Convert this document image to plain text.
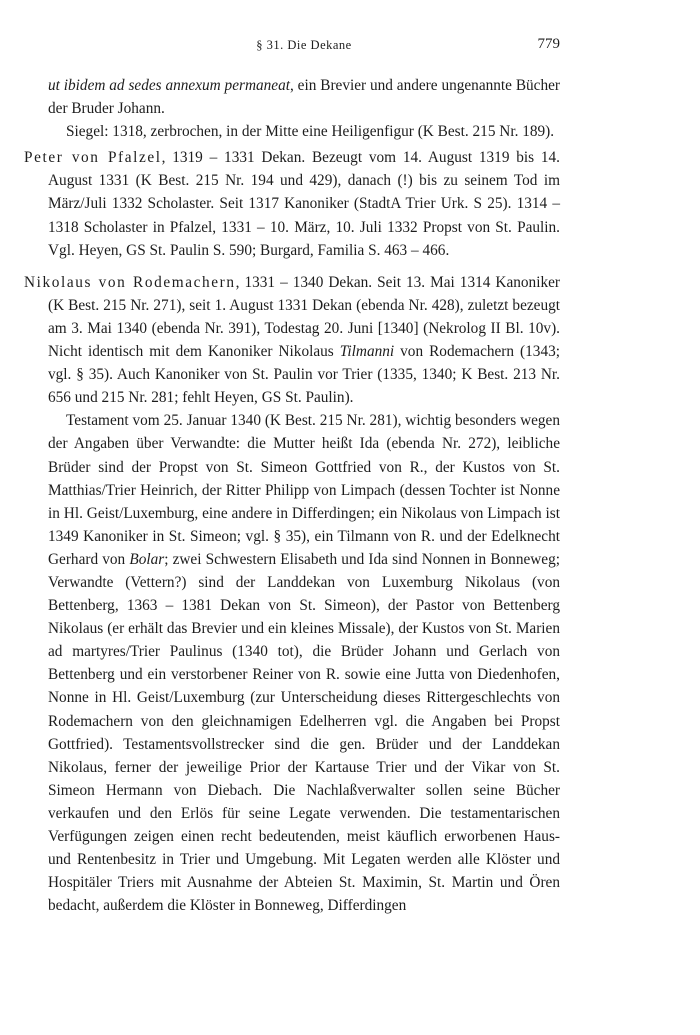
§ 31. Die Dekane	779

ut ibidem ad sedes annexum permaneat, ein Brevier und andere ungenannte Bücher der Bruder Johann.

Siegel: 1318, zerbrochen, in der Mitte eine Heiligenfigur (K Best. 215 Nr. 189).

Peter von Pfalzel, 1319 – 1331 Dekan. Bezeugt vom 14. August 1319 bis 14. August 1331 (K Best. 215 Nr. 194 und 429), danach (!) bis zu seinem Tod im März/Juli 1332 Scholaster. Seit 1317 Kanoniker (StadtA Trier Urk. S 25). 1314 – 1318 Scholaster in Pfalzel, 1331 – 10. März, 10. Juli 1332 Propst von St. Paulin. Vgl. Heyen, GS St. Paulin S. 590; Burgard, Familia S. 463 – 466.

Nikolaus von Rodemachern, 1331 – 1340 Dekan. Seit 13. Mai 1314 Kanoniker (K Best. 215 Nr. 271), seit 1. August 1331 Dekan (ebenda Nr. 428), zuletzt bezeugt am 3. Mai 1340 (ebenda Nr. 391), Todestag 20. Juni [1340] (Nekrolog II Bl. 10v). Nicht identisch mit dem Kanoniker Nikolaus Tilmanni von Rodemachern (1343; vgl. § 35). Auch Kanoniker von St. Paulin vor Trier (1335, 1340; K Best. 213 Nr. 656 und 215 Nr. 281; fehlt Heyen, GS St. Paulin).

Testament vom 25. Januar 1340 (K Best. 215 Nr. 281), wichtig besonders wegen der Angaben über Verwandte: die Mutter heißt Ida (ebenda Nr. 272), leibliche Brüder sind der Propst von St. Simeon Gottfried von R., der Kustos von St. Matthias/Trier Heinrich, der Ritter Philipp von Limpach (dessen Tochter ist Nonne in Hl. Geist/Luxemburg, eine andere in Differdingen; ein Nikolaus von Limpach ist 1349 Kanoniker in St. Simeon; vgl. § 35), ein Tilmann von R. und der Edelknecht Gerhard von Bolar; zwei Schwestern Elisabeth und Ida sind Nonnen in Bonneweg; Verwandte (Vettern?) sind der Landdekan von Luxemburg Nikolaus (von Bettenberg, 1363 – 1381 Dekan von St. Simeon), der Pastor von Bettenberg Nikolaus (er erhält das Brevier und ein kleines Missale), der Kustos von St. Marien ad martyres/Trier Paulinus (1340 tot), die Brüder Johann und Gerlach von Bettenberg und ein verstorbener Reiner von R. sowie eine Jutta von Diedenhofen, Nonne in Hl. Geist/Luxemburg (zur Unterscheidung dieses Rittergeschlechts von Rodemachern von den gleichnamigen Edelherren vgl. die Angaben bei Propst Gottfried). Testamentsvollstrecker sind die gen. Brüder und der Landdekan Nikolaus, ferner der jeweilige Prior der Kartause Trier und der Vikar von St. Simeon Hermann von Diebach. Die Nachlaßverwalter sollen seine Bücher verkaufen und den Erlös für seine Legate verwenden. Die testamentarischen Verfügungen zeigen einen recht bedeutenden, meist käuflich erworbenen Haus- und Rentenbesitz in Trier und Umgebung. Mit Legaten werden alle Klöster und Hospitäler Triers mit Ausnahme der Abteien St. Maximin, St. Martin und Ören bedacht, außerdem die Klöster in Bonneweg, Differdingen
